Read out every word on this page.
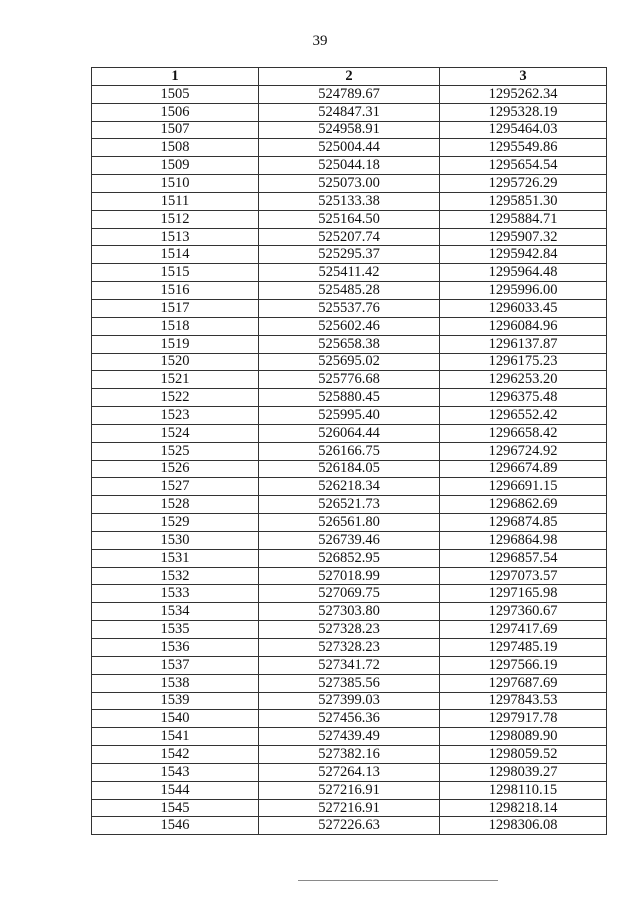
39
1	2	3
1505	524789.67	1295262.34
1506	524847.31	1295328.19
1507	524958.91	1295464.03
1508	525004.44	1295549.86
1509	525044.18	1295654.54
1510	525073.00	1295726.29
1511	525133.38	1295851.30
1512	525164.50	1295884.71
1513	525207.74	1295907.32
1514	525295.37	1295942.84
1515	525411.42	1295964.48
1516	525485.28	1295996.00
1517	525537.76	1296033.45
1518	525602.46	1296084.96
1519	525658.38	1296137.87
1520	525695.02	1296175.23
1521	525776.68	1296253.20
1522	525880.45	1296375.48
1523	525995.40	1296552.42
1524	526064.44	1296658.42
1525	526166.75	1296724.92
1526	526184.05	1296674.89
1527	526218.34	1296691.15
1528	526521.73	1296862.69
1529	526561.80	1296874.85
1530	526739.46	1296864.98
1531	526852.95	1296857.54
1532	527018.99	1297073.57
1533	527069.75	1297165.98
1534	527303.80	1297360.67
1535	527328.23	1297417.69
1536	527328.23	1297485.19
1537	527341.72	1297566.19
1538	527385.56	1297687.69
1539	527399.03	1297843.53
1540	527456.36	1297917.78
1541	527439.49	1298089.90
1542	527382.16	1298059.52
1543	527264.13	1298039.27
1544	527216.91	1298110.15
1545	527216.91	1298218.14
1546	527226.63	1298306.08
